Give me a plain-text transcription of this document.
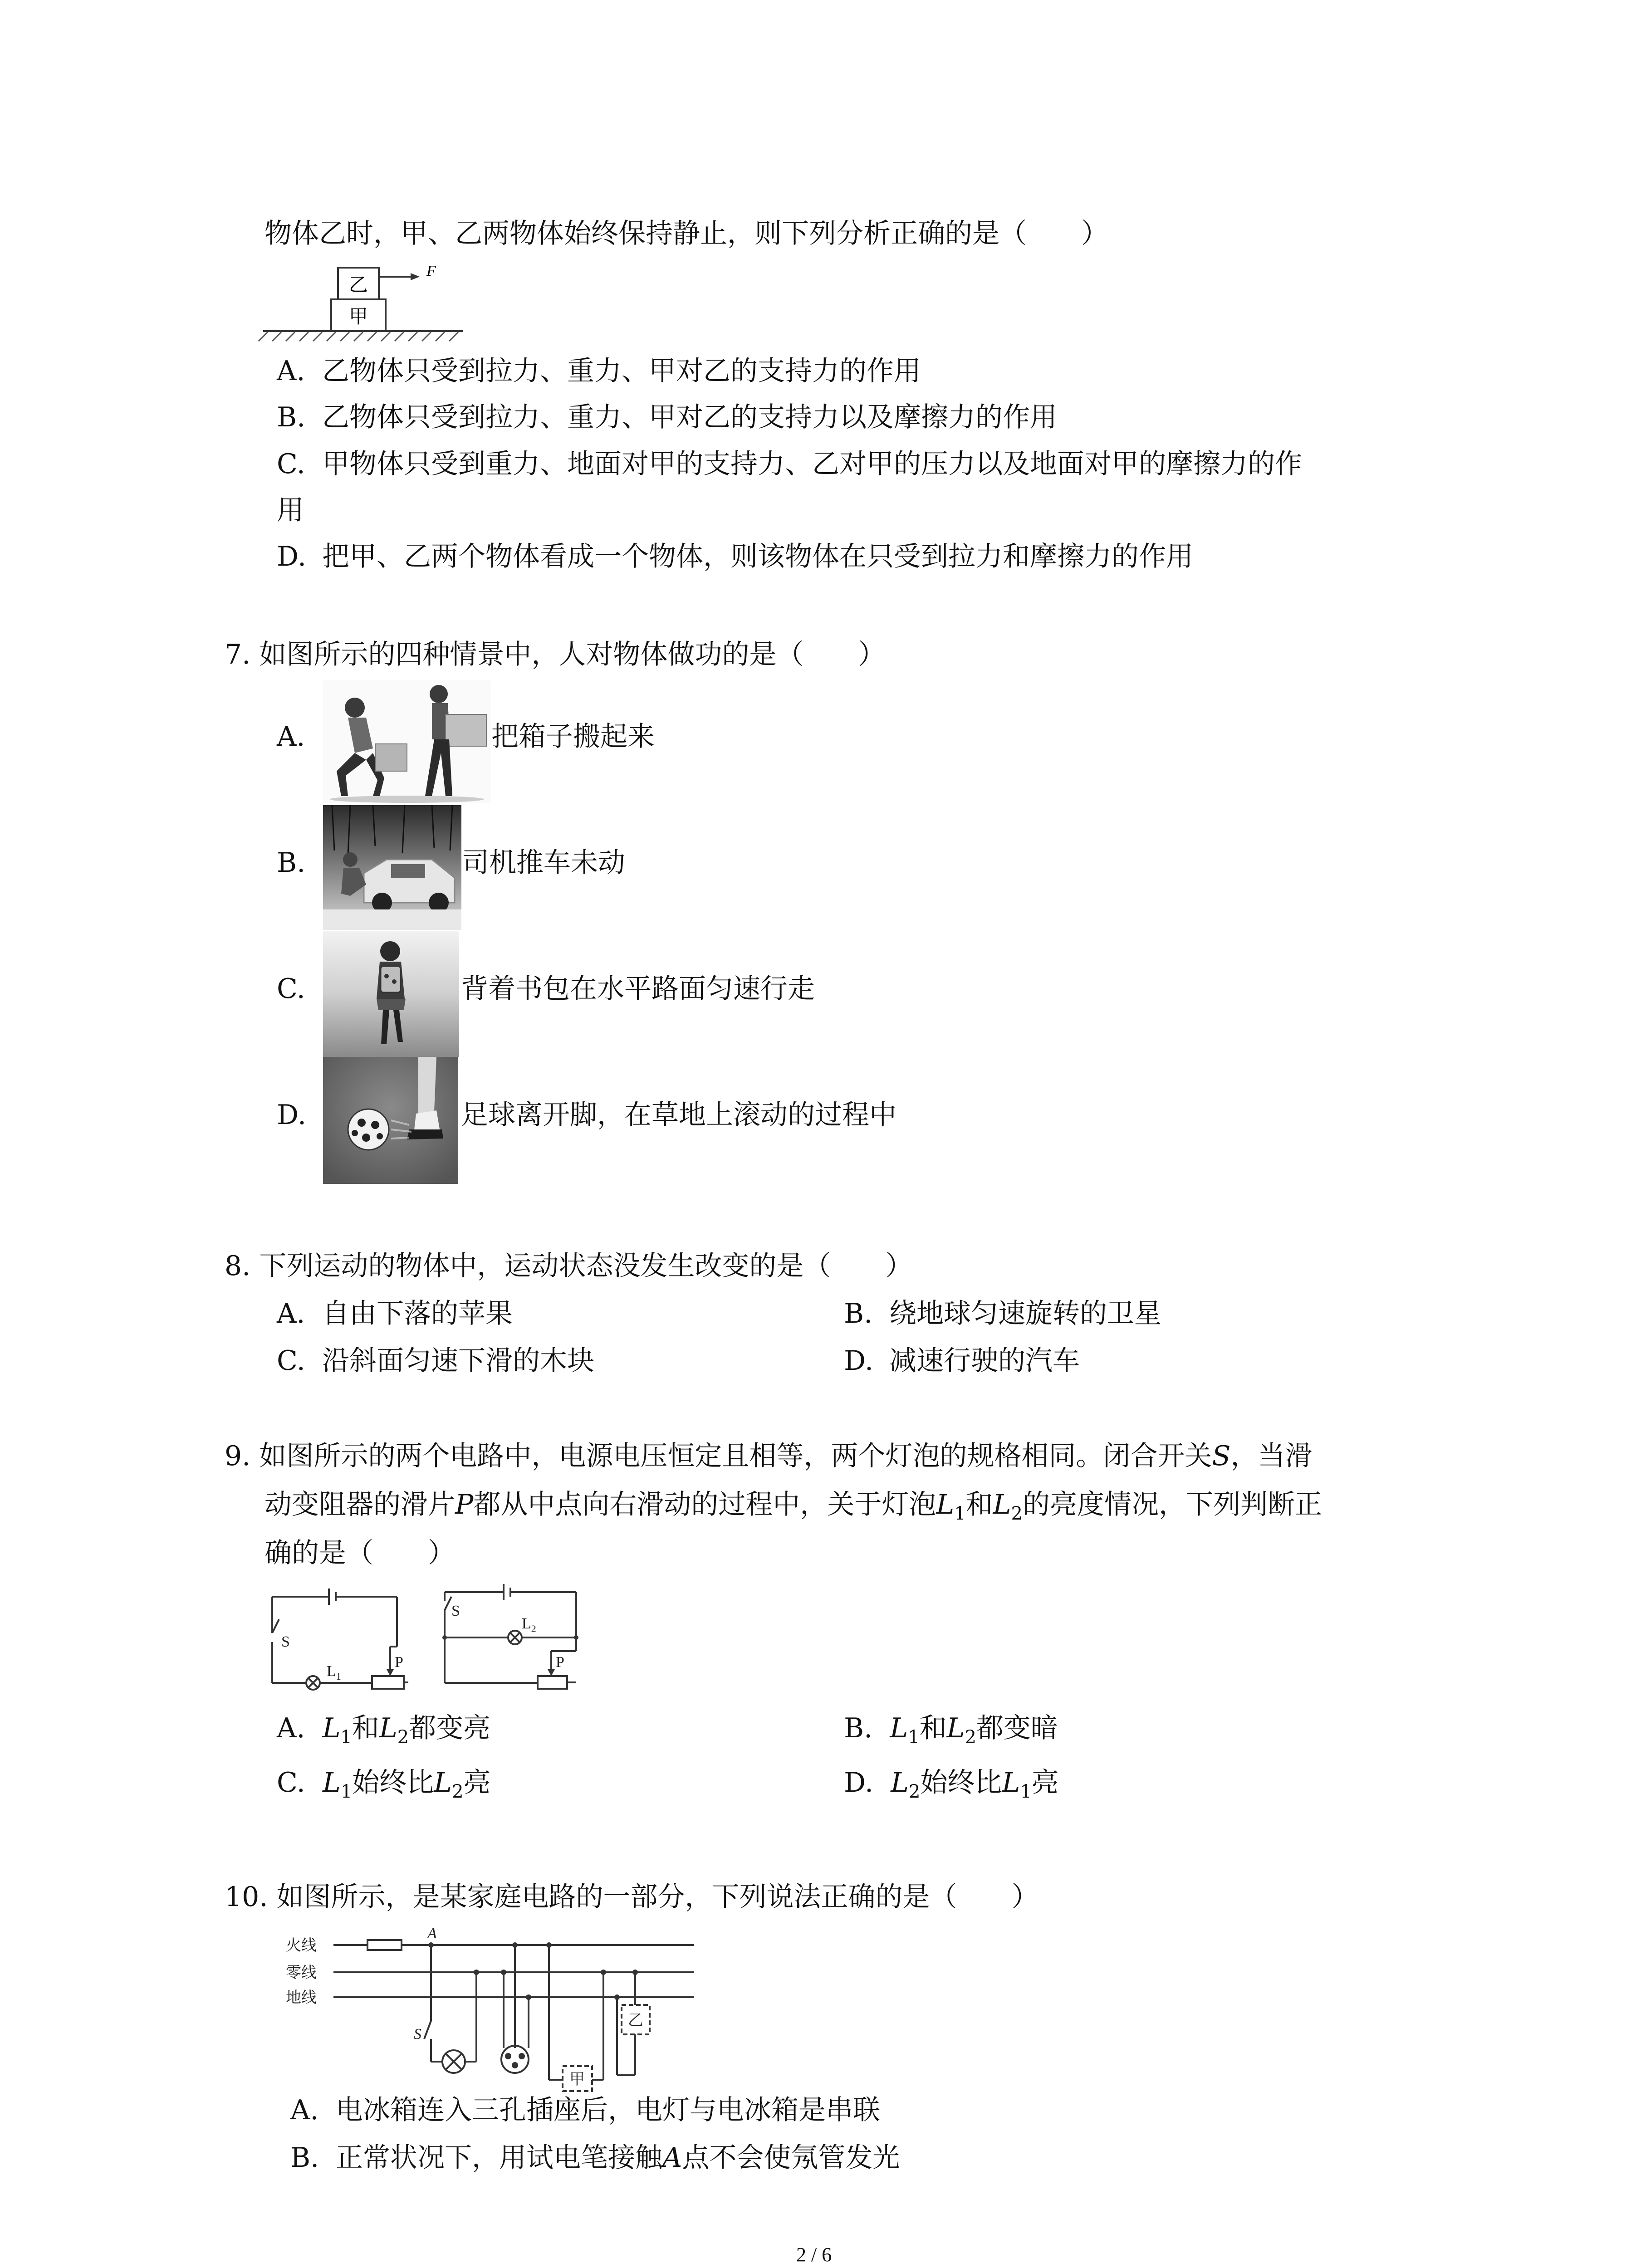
物体乙时，甲、乙两物体始终保持静止，则下列分析正确的是（　　）
乙
甲
F
A. 乙物体只受到拉力、重力、甲对乙的支持力的作用
B. 乙物体只受到拉力、重力、甲对乙的支持力以及摩擦力的作用
C. 甲物体只受到重力、地面对甲的支持力、乙对甲的压力以及地面对甲的摩擦力的作
用
D. 把甲、乙两个物体看成一个物体，则该物体在只受到拉力和摩擦力的作用
7. 如图所示的四种情景中，人对物体做功的是（　　）
A.	把箱子搬起来
B.	司机推车未动
C.	背着书包在水平路面匀速行走
D.	足球离开脚，在草地上滚动的过程中
8. 下列运动的物体中，运动状态没发生改变的是（　　）
A. 自由下落的苹果	B. 绕地球匀速旋转的卫星
C. 沿斜面匀速下滑的木块	D. 减速行驶的汽车
9. 如图所示的两个电路中，电源电压恒定且相等，两个灯泡的规格相同。闭合开关S，当滑
动变阻器的滑片P都从中点向右滑动的过程中，关于灯泡$L_1$和$L_2$的亮度情况，下列判断正
确的是（　　）
S
P
$L_1$
S
$L_2$
P
A. $L_1$和$L_2$都变亮	B. $L_1$和$L_2$都变暗
C. $L_1$始终比$L_2$亮	D. $L_2$始终比$L_1$亮
10. 如图所示，是某家庭电路的一部分，下列说法正确的是（　　）
火线
零线
地线
A
S
甲
乙
A. 电冰箱连入三孔插座后，电灯与电冰箱是串联
B. 正常状况下，用试电笔接触A点不会使氖管发光
2 / 6
